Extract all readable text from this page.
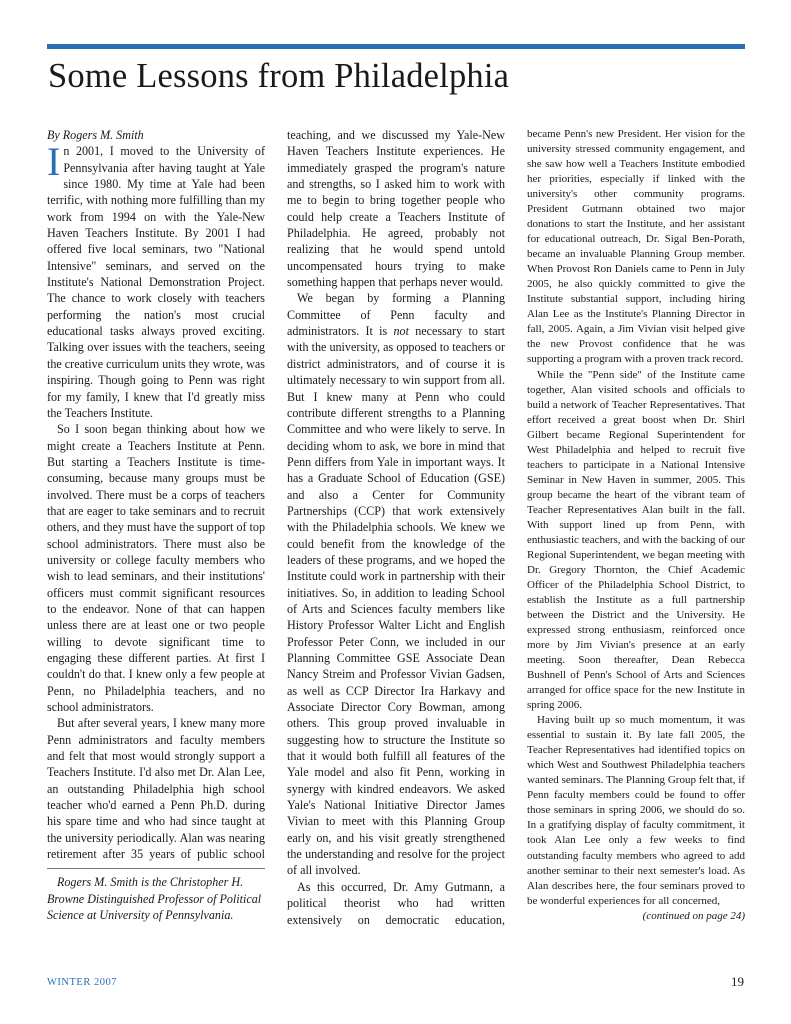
Some Lessons from Philadelphia

By Rogers M. Smith

In 2001, I moved to the University of Pennsylvania after having taught at Yale since 1980. My time at Yale had been terrific, with nothing more fulfilling than my work from 1994 on with the Yale-New Haven Teachers Institute. By 2001 I had offered five local seminars, two "National Intensive" seminars, and served on the Institute's National Demonstration Project. The chance to work closely with teachers performing the nation's most crucial educational tasks always proved exciting. Talking over issues with the teachers, seeing the creative curriculum units they wrote, was inspiring. Though going to Penn was right for my family, I knew that I'd greatly miss the Teachers Institute.

So I soon began thinking about how we might create a Teachers Institute at Penn. But starting a Teachers Institute is time-consuming, because many groups must be involved. There must be a corps of teachers that are eager to take seminars and to recruit others, and they must have the support of top school administrators. There must also be university or college faculty members who wish to lead seminars, and their institutions' officers must commit significant resources to the endeavor. None of that can happen unless there are at least one or two people willing to devote significant time to engaging these different parties. At first I couldn't do that. I knew only a few people at Penn, no Philadelphia teachers, and no school administrators.

But after several years, I knew many more Penn administrators and faculty members and felt that most would strongly support a Teachers Institute. I'd also met Dr. Alan Lee, an outstanding Philadelphia high school teacher who'd earned a Penn Ph.D. during his spare time and who had since taught at the university periodically. Alan was nearing retirement after 35 years of public school

Rogers M. Smith is the Christopher H. Browne Distinguished Professor of Political Science at University of Pennsylvania.

teaching, and we discussed my Yale-New Haven Teachers Institute experiences. He immediately grasped the program's nature and strengths, so I asked him to work with me to begin to bring together people who could help create a Teachers Institute of Philadelphia. He agreed, probably not realizing that he would spend untold uncompensated hours trying to make something happen that perhaps never would.

We began by forming a Planning Committee of Penn faculty and administrators. It is not necessary to start with the university, as opposed to teachers or district administrators, and of course it is ultimately necessary to win support from all. But I knew many at Penn who could contribute different strengths to a Planning Committee and who were likely to serve. In deciding whom to ask, we bore in mind that Penn differs from Yale in important ways. It has a Graduate School of Education (GSE) and also a Center for Community Partnerships (CCP) that work extensively with the Philadelphia schools. We knew we could benefit from the knowledge of the leaders of these programs, and we hoped the Institute could work in partnership with their initiatives. So, in addition to leading School of Arts and Sciences faculty members like History Professor Walter Licht and English Professor Peter Conn, we included in our Planning Committee GSE Associate Dean Nancy Streim and Professor Vivian Gadsen, as well as CCP Director Ira Harkavy and Associate Director Cory Bowman, among others. This group proved invaluable in suggesting how to structure the Institute so that it would both fulfill all features of the Yale model and also fit Penn, working in synergy with kindred endeavors. We asked Yale's National Initiative Director James Vivian to meet with this Planning Group early on, and his visit greatly strengthened the understanding and resolve for the project of all involved.

As this occurred, Dr. Amy Gutmann, a political theorist who had written extensively on democratic education,

became Penn's new President. Her vision for the university stressed community engagement, and she saw how well a Teachers Institute embodied her priorities, especially if linked with the university's other community programs. President Gutmann obtained two major donations to start the Institute, and her assistant for educational outreach, Dr. Sigal Ben-Porath, became an invaluable Planning Group member. When Provost Ron Daniels came to Penn in July 2005, he also quickly committed to give the Institute substantial support, including hiring Alan Lee as the Institute's Planning Director in fall, 2005. Again, a Jim Vivian visit helped give the new Provost confidence that he was supporting a program with a proven track record.

While the "Penn side" of the Institute came together, Alan visited schools and officials to build a network of Teacher Representatives. That effort received a great boost when Dr. Shirl Gilbert became Regional Superintendent for West Philadelphia and helped to recruit five teachers to participate in a National Intensive Seminar in New Haven in summer, 2005. This group became the heart of the vibrant team of Teacher Representatives Alan built in the fall. With support lined up from Penn, with enthusiastic teachers, and with the backing of our Regional Superintendent, we began meeting with Dr. Gregory Thornton, the Chief Academic Officer of the Philadelphia School District, to establish the Institute as a full partnership between the District and the University. He expressed strong enthusiasm, reinforced once more by Jim Vivian's presence at an early meeting. Soon thereafter, Dean Rebecca Bushnell of Penn's School of Arts and Sciences arranged for office space for the new Institute in spring 2006.

Having built up so much momentum, it was essential to sustain it. By late fall 2005, the Teacher Representatives had identified topics on which West and Southwest Philadelphia teachers wanted seminars. The Planning Group felt that, if Penn faculty members could be found to offer those seminars in spring 2006, we should do so. In a gratifying display of faculty commitment, it took Alan Lee only a few weeks to find outstanding faculty members who agreed to add another seminar to their next semester's load. As Alan describes here, the four seminars proved to be wonderful experiences for all concerned,

(continued on page 24)

WINTER 2007	19
